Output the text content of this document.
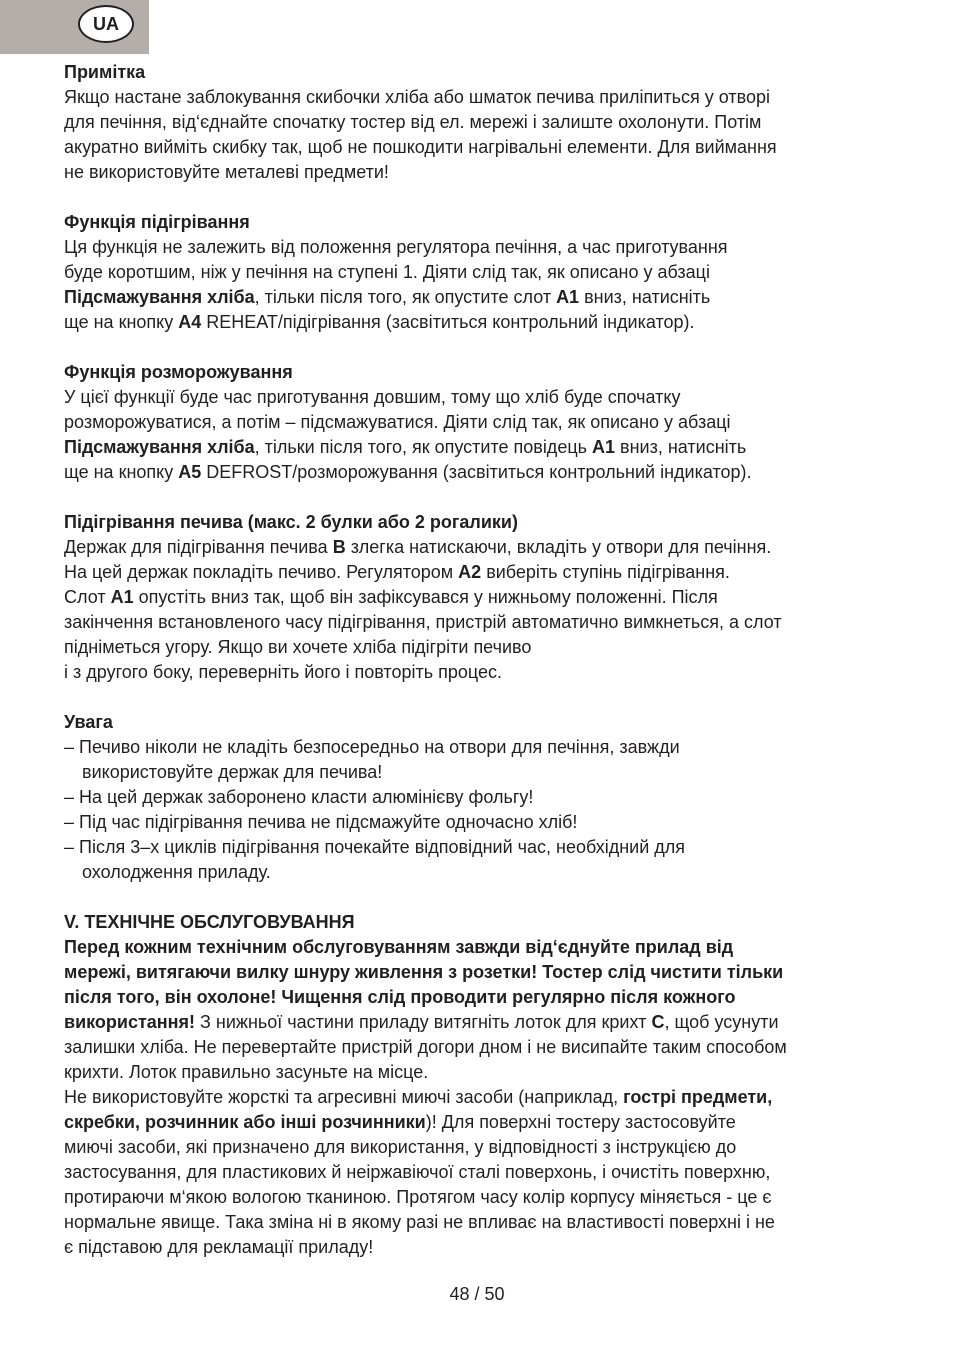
UA

Примітка

Якщо настане заблокування скибочки хліба або шматок печива приліпиться у отворі

для печіння, від‘єднайте спочатку тостер від ел. мережі і залиште охолонути. Потім

акуратно вийміть скибку так, щоб не пошкодити нагрівальні елементи. Для виймання

не використовуйте металеві предмети!

Функція підігрівання

Ця функція не залежить від положення регулятора печіння, а час приготування

буде коротшим, ніж у печіння на ступені 1. Діяти слід так, як описано у абзаці

Підсмажування хліба, тільки після того, як опустите слот A1 вниз, натисніть

ще на кнопку A4 REHEAT/підігрівання (засвітиться контрольний індикатор).

Функція розморожування

У цієї функції буде час приготування довшим, тому що хліб буде спочатку

розморожуватися, а потім – підсмажуватися. Діяти слід так, як описано у абзаці

Підсмажування хліба, тільки після того, як опустите повідець A1 вниз, натисніть

ще на кнопку A5 DEFROST/розморожування (засвітиться контрольний індикатор).

Підігрівання печива (макс. 2 булки або 2 рогалики)

Держак для підігрівання печива B злегка натискаючи, вкладіть у отвори для печіння.

На цей держак покладіть печиво. Регулятором A2 виберіть ступінь підігрівання.

Слот A1 опустіть вниз так, щоб він зафіксувався у нижньому положенні. Після

закінчення встановленого часу підігрівання, пристрій автоматично вимкнеться, а слот

підніметься угору. Якщо ви хочете хліба підігріти печиво

і з другого боку, переверніть його і повторіть процес.

Увага

– Печиво ніколи не кладіть безпосередньо на отвори для печіння, завжди

використовуйте держак для печива!

– На цей держак заборонено класти алюмінієву фольгу!

– Під час підігрівання печива не підсмажуйте одночасно хліб!

– Після 3–х циклів підігрівання почекайте відповідний час, необхідний для

охолодження приладу.

V. ТЕХНІЧНЕ ОБСЛУГОВУВАННЯ

Перед кожним технічним обслуговуванням завжди від‘єднуйте прилад від

мережі, витягаючи вилку шнуру живлення з розетки! Тостер слід чистити тільки

після того, він охолоне! Чищення слід проводити регулярно після кожного

використання! З нижньої частини приладу витягніть лоток для крихт C, щоб усунути

залишки хліба. Не перевертайте пристрій догори дном і не висипайте таким способом

крихти. Лоток правильно засуньте на місце.

Не використовуйте жорсткі та агресивні миючі засоби (наприклад, гострі предмети,

скребки, розчинник або інші розчинники)! Для поверхні тостеру застосовуйте

миючі засоби, які призначено для використання, у відповідності з інструкцією до

застосування, для пластикових й неіржавіючої сталі поверхонь, і очистіть поверхню,

протираючи м‘якою вологою тканиною. Протягом часу колір корпусу міняється - це є

нормальне явище. Така зміна ні в якому разі не впливає на властивості поверхні і не

є підставою для рекламації приладу!

48 / 50
